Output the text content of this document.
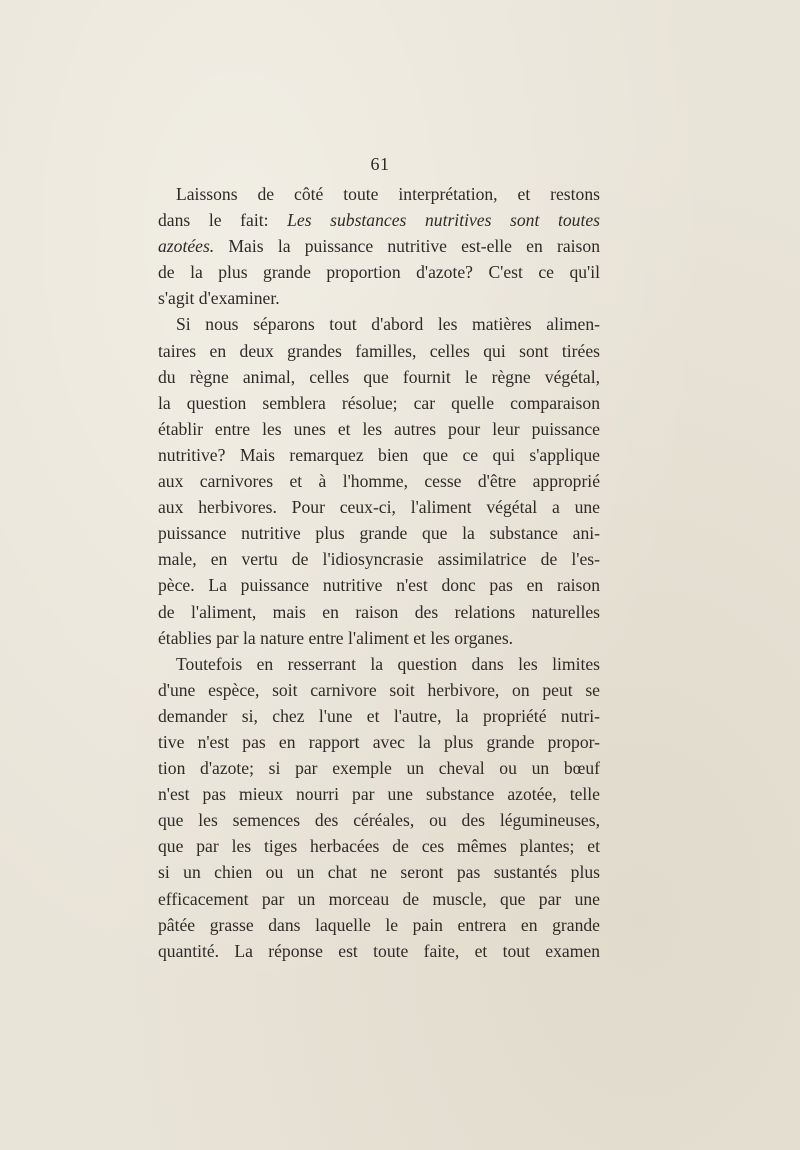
61
Laissons de côté toute interprétation, et restons
dans le fait: Les substances nutritives sont toutes
azotées. Mais la puissance nutritive est-elle en raison
de la plus grande proportion d'azote? C'est ce qu'il
s'agit d'examiner.
Si nous séparons tout d'abord les matières alimen-
taires en deux grandes familles, celles qui sont tirées
du règne animal, celles que fournit le règne végétal,
la question semblera résolue; car quelle comparaison
établir entre les unes et les autres pour leur puissance
nutritive? Mais remarquez bien que ce qui s'applique
aux carnivores et à l'homme, cesse d'être approprié
aux herbivores. Pour ceux-ci, l'aliment végétal a une
puissance nutritive plus grande que la substance ani-
male, en vertu de l'idiosyncrasie assimilatrice de l'es-
pèce. La puissance nutritive n'est donc pas en raison
de l'aliment, mais en raison des relations naturelles
établies par la nature entre l'aliment et les organes.
Toutefois en resserrant la question dans les limites
d'une espèce, soit carnivore soit herbivore, on peut se
demander si, chez l'une et l'autre, la propriété nutri-
tive n'est pas en rapport avec la plus grande propor-
tion d'azote; si par exemple un cheval ou un bœuf
n'est pas mieux nourri par une substance azotée, telle
que les semences des céréales, ou des légumineuses,
que par les tiges herbacées de ces mêmes plantes; et
si un chien ou un chat ne seront pas sustantés plus
efficacement par un morceau de muscle, que par une
pâtée grasse dans laquelle le pain entrera en grande
quantité. La réponse est toute faite, et tout examen
